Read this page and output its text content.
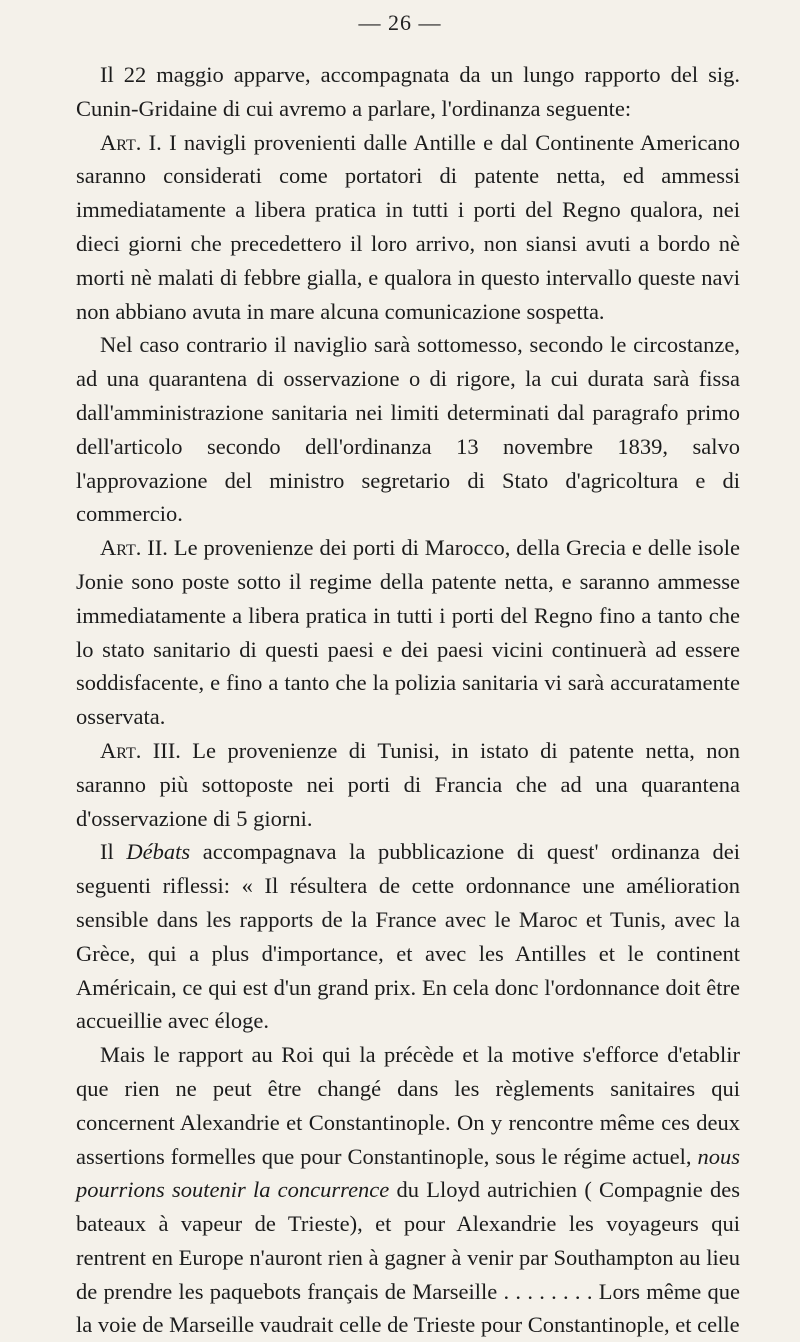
— 26 —

Il 22 maggio apparve, accompagnata da un lungo rapporto del sig. Cunin-Gridaine di cui avremo a parlare, l'ordinanza seguente:

Art. I. I navigli provenienti dalle Antille e dal Continente Americano saranno considerati come portatori di patente netta, ed ammessi immediatamente a libera pratica in tutti i porti del Regno qualora, nei dieci giorni che precedettero il loro arrivo, non siansi avuti a bordo nè morti nè malati di febbre gialla, e qualora in questo intervallo queste navi non abbiano avuta in mare alcuna comunicazione sospetta.

Nel caso contrario il naviglio sarà sottomesso, secondo le circostanze, ad una quarantena di osservazione o di rigore, la cui durata sarà fissa dall'amministrazione sanitaria nei limiti determinati dal paragrafo primo dell'articolo secondo dell'ordinanza 13 novembre 1839, salvo l'approvazione del ministro segretario di Stato d'agricoltura e di commercio.

Art. II. Le provenienze dei porti di Marocco, della Grecia e delle isole Jonie sono poste sotto il regime della patente netta, e saranno ammesse immediatamente a libera pratica in tutti i porti del Regno fino a tanto che lo stato sanitario di questi paesi e dei paesi vicini continuerà ad essere soddisfacente, e fino a tanto che la polizia sanitaria vi sarà accuratamente osservata.

Art. III. Le provenienze di Tunisi, in istato di patente netta, non saranno più sottoposte nei porti di Francia che ad una quarantena d'osservazione di 5 giorni.

Il Débats accompagnava la pubblicazione di quest' ordinanza dei seguenti riflessi: « Il résultera de cette ordonnance une amélioration sensible dans les rapports de la France avec le Maroc et Tunis, avec la Grèce, qui a plus d'importance, et avec les Antilles et le continent Américain, ce qui est d'un grand prix. En cela donc l'ordonnance doit être accueillie avec éloge.

Mais le rapport au Roi qui la précède et la motive s'efforce d'etablir que rien ne peut être changé dans les règlements sanitaires qui concernent Alexandrie et Constantinople. On y rencontre même ces deux assertions formelles que pour Constantinople, sous le régime actuel, nous pourrions soutenir la concurrence du Lloyd autrichien ( Compagnie des bateaux à vapeur de Trieste), et pour Alexandrie les voyageurs qui rentrent en Europe n'auront rien à gagner à venir par Southampton au lieu de prendre les paquebots français de Marseille . . . . . . . . Lors même que la voie de Marseille vaudrait celle de Trieste pour Constantinople, et celle
